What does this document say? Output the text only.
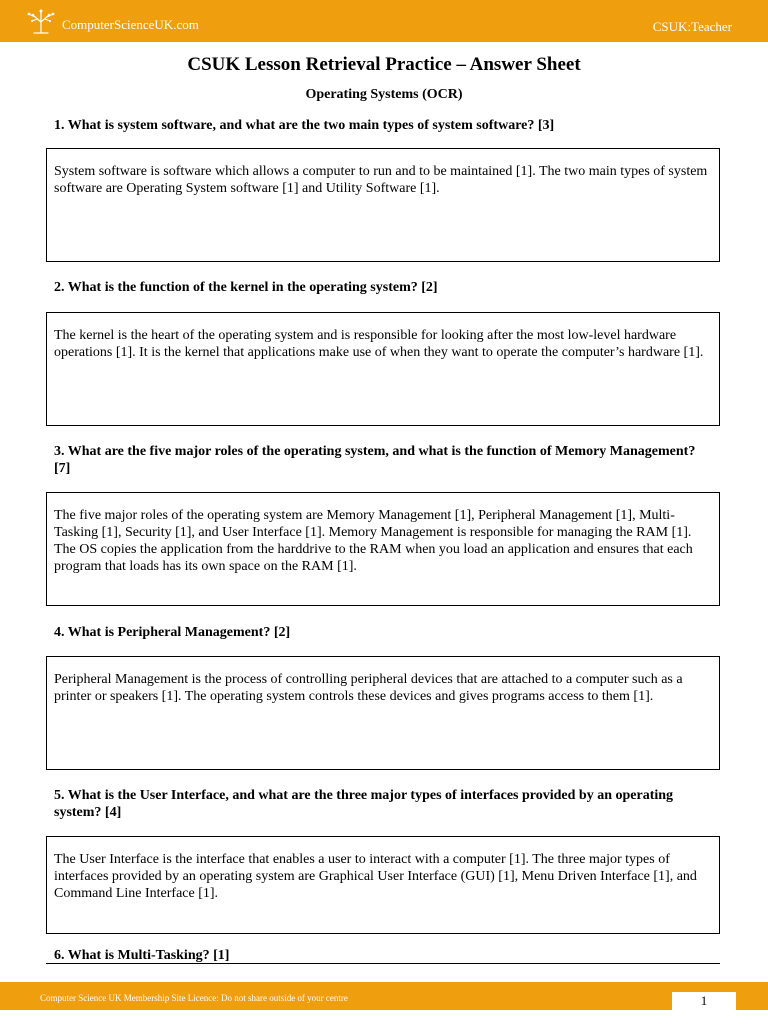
ComputerScienceUK.com	CSUK:Teacher
CSUK Lesson Retrieval Practice – Answer Sheet
Operating Systems (OCR)
1. What is system software, and what are the two main types of system software? [3]
System software is software which allows a computer to run and to be maintained [1]. The two main types of system software are Operating System software [1] and Utility Software [1].
2. What is the function of the kernel in the operating system? [2]
The kernel is the heart of the operating system and is responsible for looking after the most low-level hardware operations [1]. It is the kernel that applications make use of when they want to operate the computer’s hardware [1].
3. What are the five major roles of the operating system, and what is the function of Memory Management? [7]
The five major roles of the operating system are Memory Management [1], Peripheral Management [1], Multi-Tasking [1], Security [1], and User Interface [1]. Memory Management is responsible for managing the RAM [1]. The OS copies the application from the harddrive to the RAM when you load an application and ensures that each program that loads has its own space on the RAM [1].
4. What is Peripheral Management? [2]
Peripheral Management is the process of controlling peripheral devices that are attached to a computer such as a printer or speakers [1]. The operating system controls these devices and gives programs access to them [1].
5. What is the User Interface, and what are the three major types of interfaces provided by an operating system? [4]
The User Interface is the interface that enables a user to interact with a computer [1]. The three major types of interfaces provided by an operating system are Graphical User Interface (GUI) [1], Menu Driven Interface [1], and Command Line Interface [1].
6. What is Multi-Tasking? [1]
Computer Science UK Membership Site Licence: Do not share outside of your centre	1
